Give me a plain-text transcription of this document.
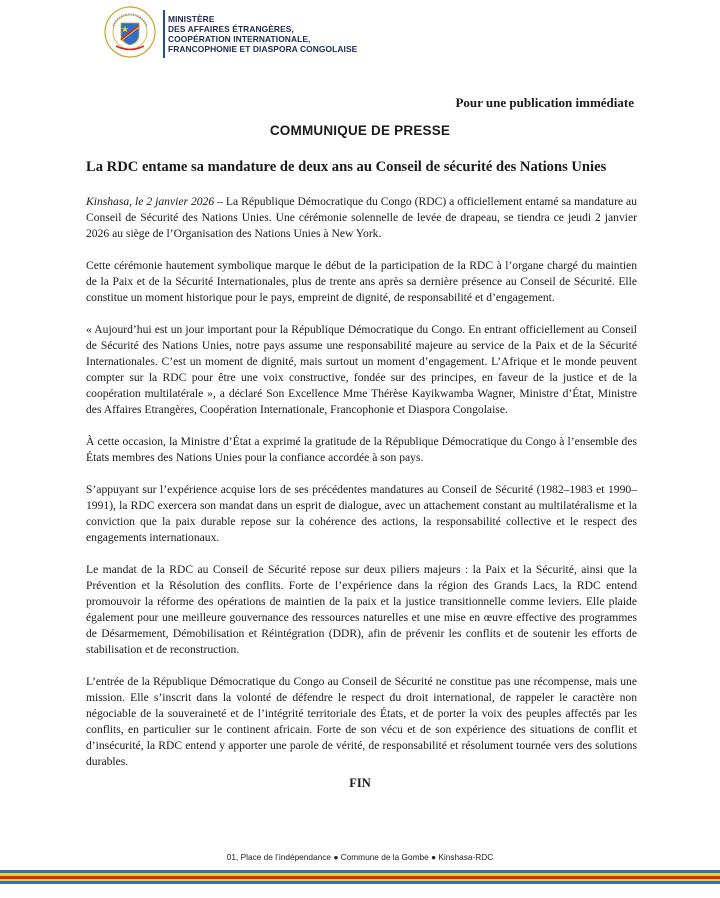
MINISTÈRE
DES AFFAIRES ÉTRANGÈRES,
COOPÉRATION INTERNATIONALE,
FRANCOPHONIE ET DIASPORA CONGOLAISE
Pour une publication immédiate
COMMUNIQUE DE PRESSE
La RDC entame sa mandature de deux ans au Conseil de sécurité des Nations Unies

Kinshasa, le 2 janvier 2026 – La République Démocratique du Congo (RDC) a officiellement entamé sa mandature au Conseil de Sécurité des Nations Unies. Une cérémonie solennelle de levée de drapeau, se tiendra ce jeudi 2 janvier 2026 au siège de l’Organisation des Nations Unies à New York.

Cette cérémonie hautement symbolique marque le début de la participation de la RDC à l’organe chargé du maintien de la Paix et de la Sécurité Internationales, plus de trente ans après sa dernière présence au Conseil de Sécurité. Elle constitue un moment historique pour le pays, empreint de dignité, de responsabilité et d’engagement.

« Aujourd’hui est un jour important pour la République Démocratique du Congo. En entrant officiellement au Conseil de Sécurité des Nations Unies, notre pays assume une responsabilité majeure au service de la Paix et de la Sécurité Internationales. C’est un moment de dignité, mais surtout un moment d’engagement. L’Afrique et le monde peuvent compter sur la RDC pour être une voix constructive, fondée sur des principes, en faveur de la justice et de la coopération multilatérale », a déclaré Son Excellence Mme Thérèse Kayikwamba Wagner, Ministre d’État, Ministre des Affaires Etrangères, Coopération Internationale, Francophonie et Diaspora Congolaise.

À cette occasion, la Ministre d’État a exprimé la gratitude de la République Démocratique du Congo à l’ensemble des États membres des Nations Unies pour la confiance accordée à son pays.

S’appuyant sur l’expérience acquise lors de ses précédentes mandatures au Conseil de Sécurité (1982–1983 et 1990–1991), la RDC exercera son mandat dans un esprit de dialogue, avec un attachement constant au multilatéralisme et la conviction que la paix durable repose sur la cohérence des actions, la responsabilité collective et le respect des engagements internationaux.

Le mandat de la RDC au Conseil de Sécurité repose sur deux piliers majeurs : la Paix et la Sécurité, ainsi que la Prévention et la Résolution des conflits. Forte de l’expérience dans la région des Grands Lacs, la RDC entend promouvoir la réforme des opérations de maintien de la paix et la justice transitionnelle comme leviers. Elle plaide également pour une meilleure gouvernance des ressources naturelles et une mise en œuvre effective des programmes de Désarmement, Démobilisation et Réintégration (DDR), afin de prévenir les conflits et de soutenir les efforts de stabilisation et de reconstruction.

L’entrée de la République Démocratique du Congo au Conseil de Sécurité ne constitue pas une récompense, mais une mission. Elle s’inscrit dans la volonté de défendre le respect du droit international, de rappeler le caractère non négociable de la souveraineté et de l’intégrité territoriale des États, et de porter la voix des peuples affectés par les conflits, en particulier sur le continent africain. Forte de son vécu et de son expérience des situations de conflit et d’insécurité, la RDC entend y apporter une parole de vérité, de responsabilité et résolument tournée vers des solutions durables.

FIN
01, Place de l’indépendance ● Commune de la Gombe ● Kinshasa-RDC
